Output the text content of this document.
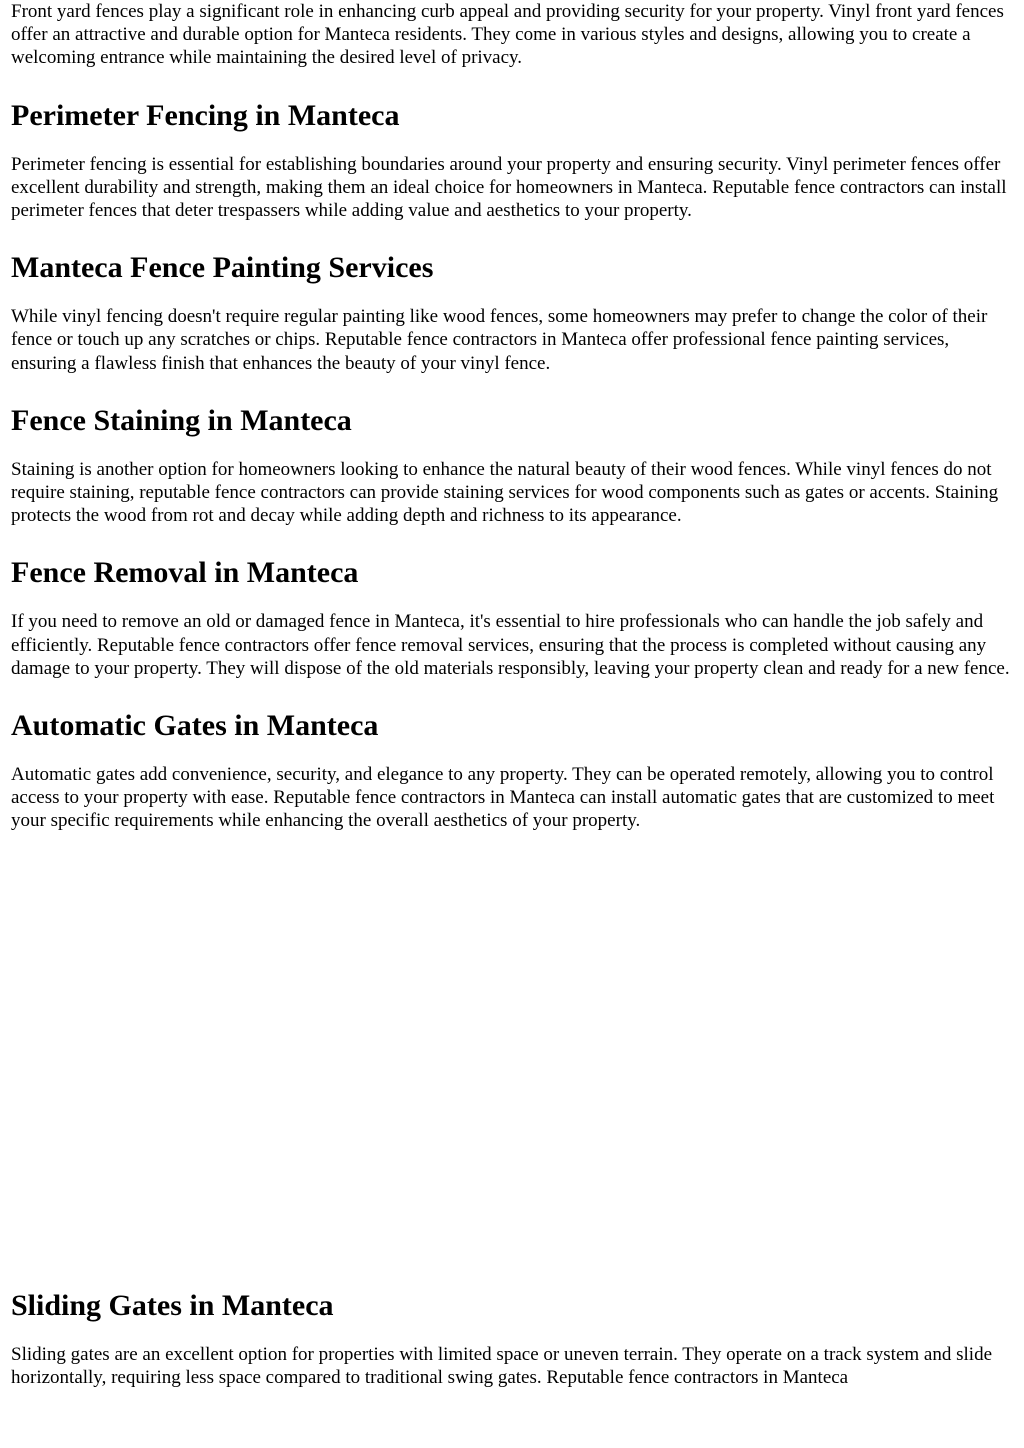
Front yard fences play a significant role in enhancing curb appeal and providing security for your property. Vinyl front yard fences offer an attractive and durable option for Manteca residents. They come in various styles and designs, allowing you to create a welcoming entrance while maintaining the desired level of privacy.

Perimeter Fencing in Manteca

Perimeter fencing is essential for establishing boundaries around your property and ensuring security. Vinyl perimeter fences offer excellent durability and strength, making them an ideal choice for homeowners in Manteca. Reputable fence contractors can install perimeter fences that deter trespassers while adding value and aesthetics to your property.

Manteca Fence Painting Services

While vinyl fencing doesn't require regular painting like wood fences, some homeowners may prefer to change the color of their fence or touch up any scratches or chips. Reputable fence contractors in Manteca offer professional fence painting services, ensuring a flawless finish that enhances the beauty of your vinyl fence.

Fence Staining in Manteca

Staining is another option for homeowners looking to enhance the natural beauty of their wood fences. While vinyl fences do not require staining, reputable fence contractors can provide staining services for wood components such as gates or accents. Staining protects the wood from rot and decay while adding depth and richness to its appearance.

Fence Removal in Manteca

If you need to remove an old or damaged fence in Manteca, it's essential to hire professionals who can handle the job safely and efficiently. Reputable fence contractors offer fence removal services, ensuring that the process is completed without causing any damage to your property. They will dispose of the old materials responsibly, leaving your property clean and ready for a new fence.

Automatic Gates in Manteca

Automatic gates add convenience, security, and elegance to any property. They can be operated remotely, allowing you to control access to your property with ease. Reputable fence contractors in Manteca can install automatic gates that are customized to meet your specific requirements while enhancing the overall aesthetics of your property.

Sliding Gates in Manteca

Sliding gates are an excellent option for properties with limited space or uneven terrain. They operate on a track system and slide horizontally, requiring less space compared to traditional swing gates. Reputable fence contractors in Manteca
